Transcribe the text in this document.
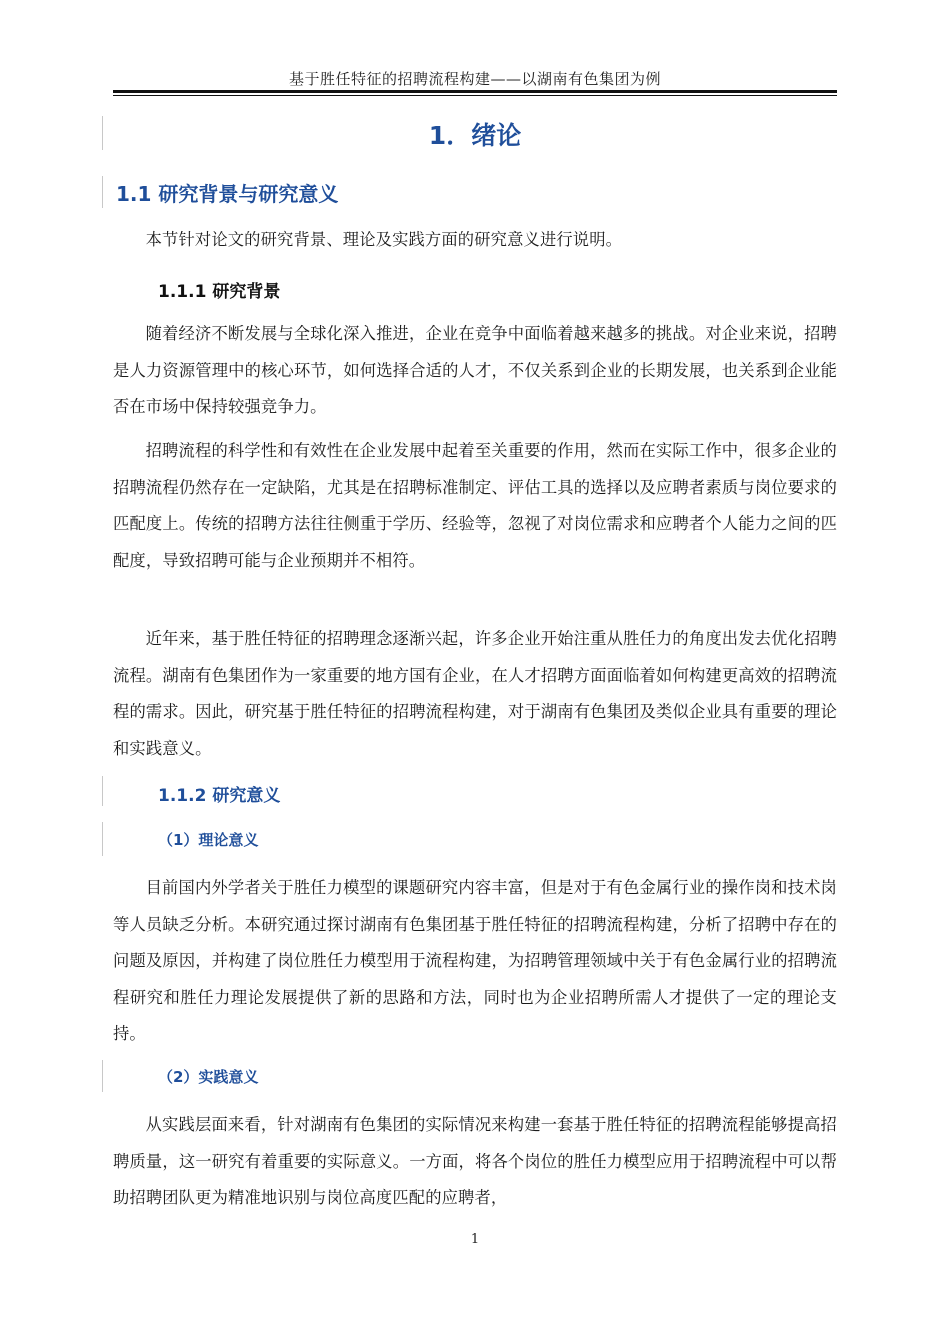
基于胜任特征的招聘流程构建——以湖南有色集团为例
1．绪论
1.1 研究背景与研究意义

本节针对论文的研究背景、理论及实践方面的研究意义进行说明。

1.1.1 研究背景

随着经济不断发展与全球化深入推进，企业在竞争中面临着越来越多的挑战。对企业来说，招聘是人力资源管理中的核心环节，如何选择合适的人才，不仅关系到企业的长期发展，也关系到企业能否在市场中保持较强竞争力。

招聘流程的科学性和有效性在企业发展中起着至关重要的作用，然而在实际工作中，很多企业的招聘流程仍然存在一定缺陷，尤其是在招聘标准制定、评估工具的选择以及应聘者素质与岗位要求的匹配度上。传统的招聘方法往往侧重于学历、经验等，忽视了对岗位需求和应聘者个人能力之间的匹配度，导致招聘可能与企业预期并不相符。

近年来，基于胜任特征的招聘理念逐渐兴起，许多企业开始注重从胜任力的角度出发去优化招聘流程。湖南有色集团作为一家重要的地方国有企业，在人才招聘方面面临着如何构建更高效的招聘流程的需求。因此，研究基于胜任特征的招聘流程构建，对于湖南有色集团及类似企业具有重要的理论和实践意义。

1.1.2 研究意义
（1）理论意义

目前国内外学者关于胜任力模型的课题研究内容丰富，但是对于有色金属行业的操作岗和技术岗等人员缺乏分析。本研究通过探讨湖南有色集团基于胜任特征的招聘流程构建，分析了招聘中存在的问题及原因，并构建了岗位胜任力模型用于流程构建，为招聘管理领域中关于有色金属行业的招聘流程研究和胜任力理论发展提供了新的思路和方法，同时也为企业招聘所需人才提供了一定的理论支持。

（2）实践意义

从实践层面来看，针对湖南有色集团的实际情况来构建一套基于胜任特征的招聘流程能够提高招聘质量，这一研究有着重要的实际意义。一方面，将各个岗位的胜任力模型应用于招聘流程中可以帮助招聘团队更为精准地识别与岗位高度匹配的应聘者，

1
